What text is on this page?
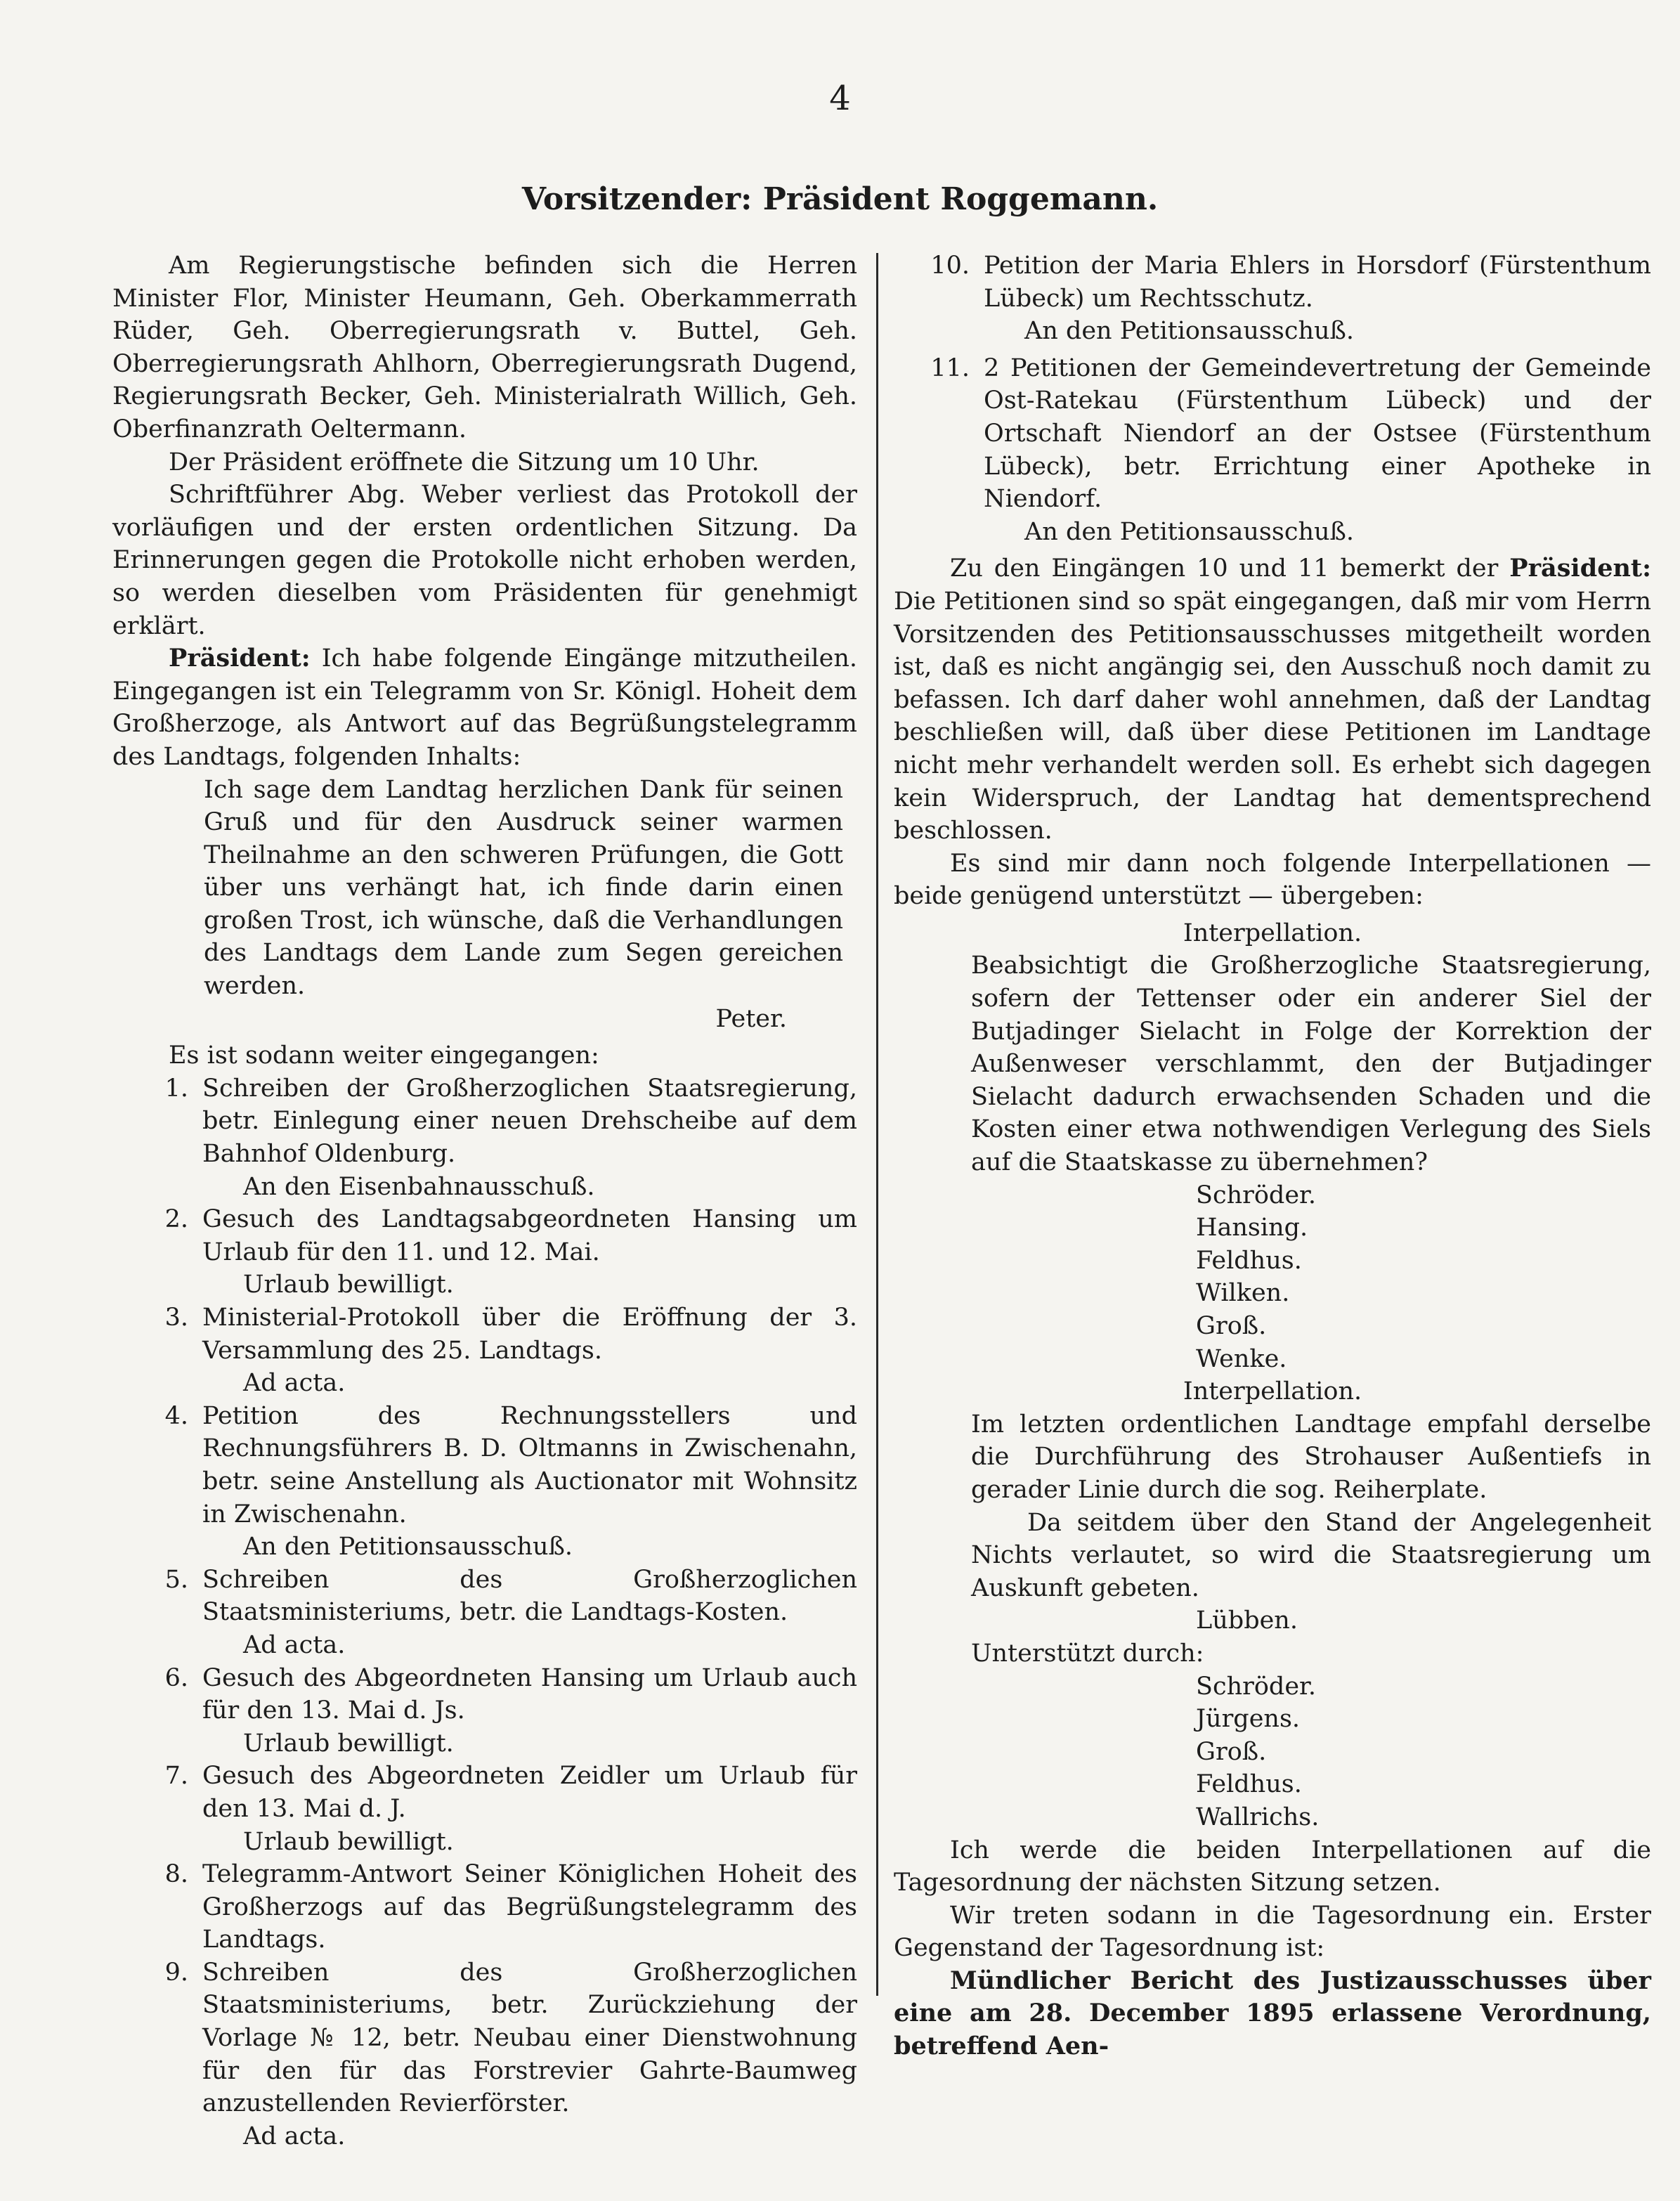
4
Vorsitzender: Präsident Roggemann.

Am Regierungstische befinden sich die Herren Minister Flor, Minister Heumann, Geh. Oberkammerrath Rüder, Geh. Oberregierungsrath v. Buttel, Geh. Oberregierungsrath Ahlhorn, Oberregierungsrath Dugend, Regierungsrath Becker, Geh. Ministerialrath Willich, Geh. Oberfinanzrath Oeltermann.

Der Präsident eröffnete die Sitzung um 10 Uhr.

Schriftführer Abg. Weber verliest das Protokoll der vorläufigen und der ersten ordentlichen Sitzung. Da Erinnerungen gegen die Protokolle nicht erhoben werden, so werden dieselben vom Präsidenten für genehmigt erklärt.

Präsident: Ich habe folgende Eingänge mitzutheilen. Eingegangen ist ein Telegramm von Sr. Königl. Hoheit dem Großherzoge, als Antwort auf das Begrüßungstelegramm des Landtags, folgenden Inhalts:

Ich sage dem Landtag herzlichen Dank für seinen Gruß und für den Ausdruck seiner warmen Theilnahme an den schweren Prüfungen, die Gott über uns verhängt hat, ich finde darin einen großen Trost, ich wünsche, daß die Verhandlungen des Landtags dem Lande zum Segen gereichen werden.

Peter.

Es ist sodann weiter eingegangen:

1. Schreiben der Großherzoglichen Staatsregierung, betr. Einlegung einer neuen Drehscheibe auf dem Bahnhof Oldenburg.
An den Eisenbahnausschuß.
2. Gesuch des Landtagsabgeordneten Hansing um Urlaub für den 11. und 12. Mai.
Urlaub bewilligt.
3. Ministerial-Protokoll über die Eröffnung der 3. Versammlung des 25. Landtags.
Ad acta.
4. Petition des Rechnungsstellers und Rechnungsführers B. D. Oltmanns in Zwischenahn, betr. seine Anstellung als Auctionator mit Wohnsitz in Zwischenahn.
An den Petitionsausschuß.
5. Schreiben des Großherzoglichen Staatsministeriums, betr. die Landtags-Kosten.
Ad acta.
6. Gesuch des Abgeordneten Hansing um Urlaub auch für den 13. Mai d. Js.
Urlaub bewilligt.
7. Gesuch des Abgeordneten Zeidler um Urlaub für den 13. Mai d. J.
Urlaub bewilligt.
8. Telegramm-Antwort Seiner Königlichen Hoheit des Großherzogs auf das Begrüßungstelegramm des Landtags.
9. Schreiben des Großherzoglichen Staatsministeriums, betr. Zurückziehung der Vorlage № 12, betr. Neubau einer Dienstwohnung für den für das Forstrevier Gahrte-Baumweg anzustellenden Revierförster.
Ad acta.
10. Petition der Maria Ehlers in Horsdorf (Fürstenthum Lübeck) um Rechtsschutz.
An den Petitionsausschuß.
11. 2 Petitionen der Gemeindevertretung der Gemeinde Ost-Ratekau (Fürstenthum Lübeck) und der Ortschaft Niendorf an der Ostsee (Fürstenthum Lübeck), betr. Errichtung einer Apotheke in Niendorf.
An den Petitionsausschuß.

Zu den Eingängen 10 und 11 bemerkt der Präsident: Die Petitionen sind so spät eingegangen, daß mir vom Herrn Vorsitzenden des Petitionsausschusses mitgetheilt worden ist, daß es nicht angängig sei, den Ausschuß noch damit zu befassen. Ich darf daher wohl annehmen, daß der Landtag beschließen will, daß über diese Petitionen im Landtage nicht mehr verhandelt werden soll. Es erhebt sich dagegen kein Widerspruch, der Landtag hat dementsprechend beschlossen.

Es sind mir dann noch folgende Interpellationen — beide genügend unterstützt — übergeben:

Interpellation.

Beabsichtigt die Großherzogliche Staatsregierung, sofern der Tettenser oder ein anderer Siel der Butjadinger Sielacht in Folge der Korrektion der Außenweser verschlammt, den der Butjadinger Sielacht dadurch erwachsenden Schaden und die Kosten einer etwa nothwendigen Verlegung des Siels auf die Staatskasse zu übernehmen?

Schröder.
Hansing.
Feldhus.
Wilken.
Groß.
Wenke.

Interpellation.

Im letzten ordentlichen Landtage empfahl derselbe die Durchführung des Strohauser Außentiefs in gerader Linie durch die sog. Reiherplate.

Da seitdem über den Stand der Angelegenheit Nichts verlautet, so wird die Staatsregierung um Auskunft gebeten.

Lübben.
Unterstützt durch:
Schröder.
Jürgens.
Groß.
Feldhus.
Wallrichs.

Ich werde die beiden Interpellationen auf die Tagesordnung der nächsten Sitzung setzen.

Wir treten sodann in die Tagesordnung ein. Erster Gegenstand der Tagesordnung ist:

Mündlicher Bericht des Justizausschusses über eine am 28. December 1895 erlassene Verordnung, betreffend Aen-
